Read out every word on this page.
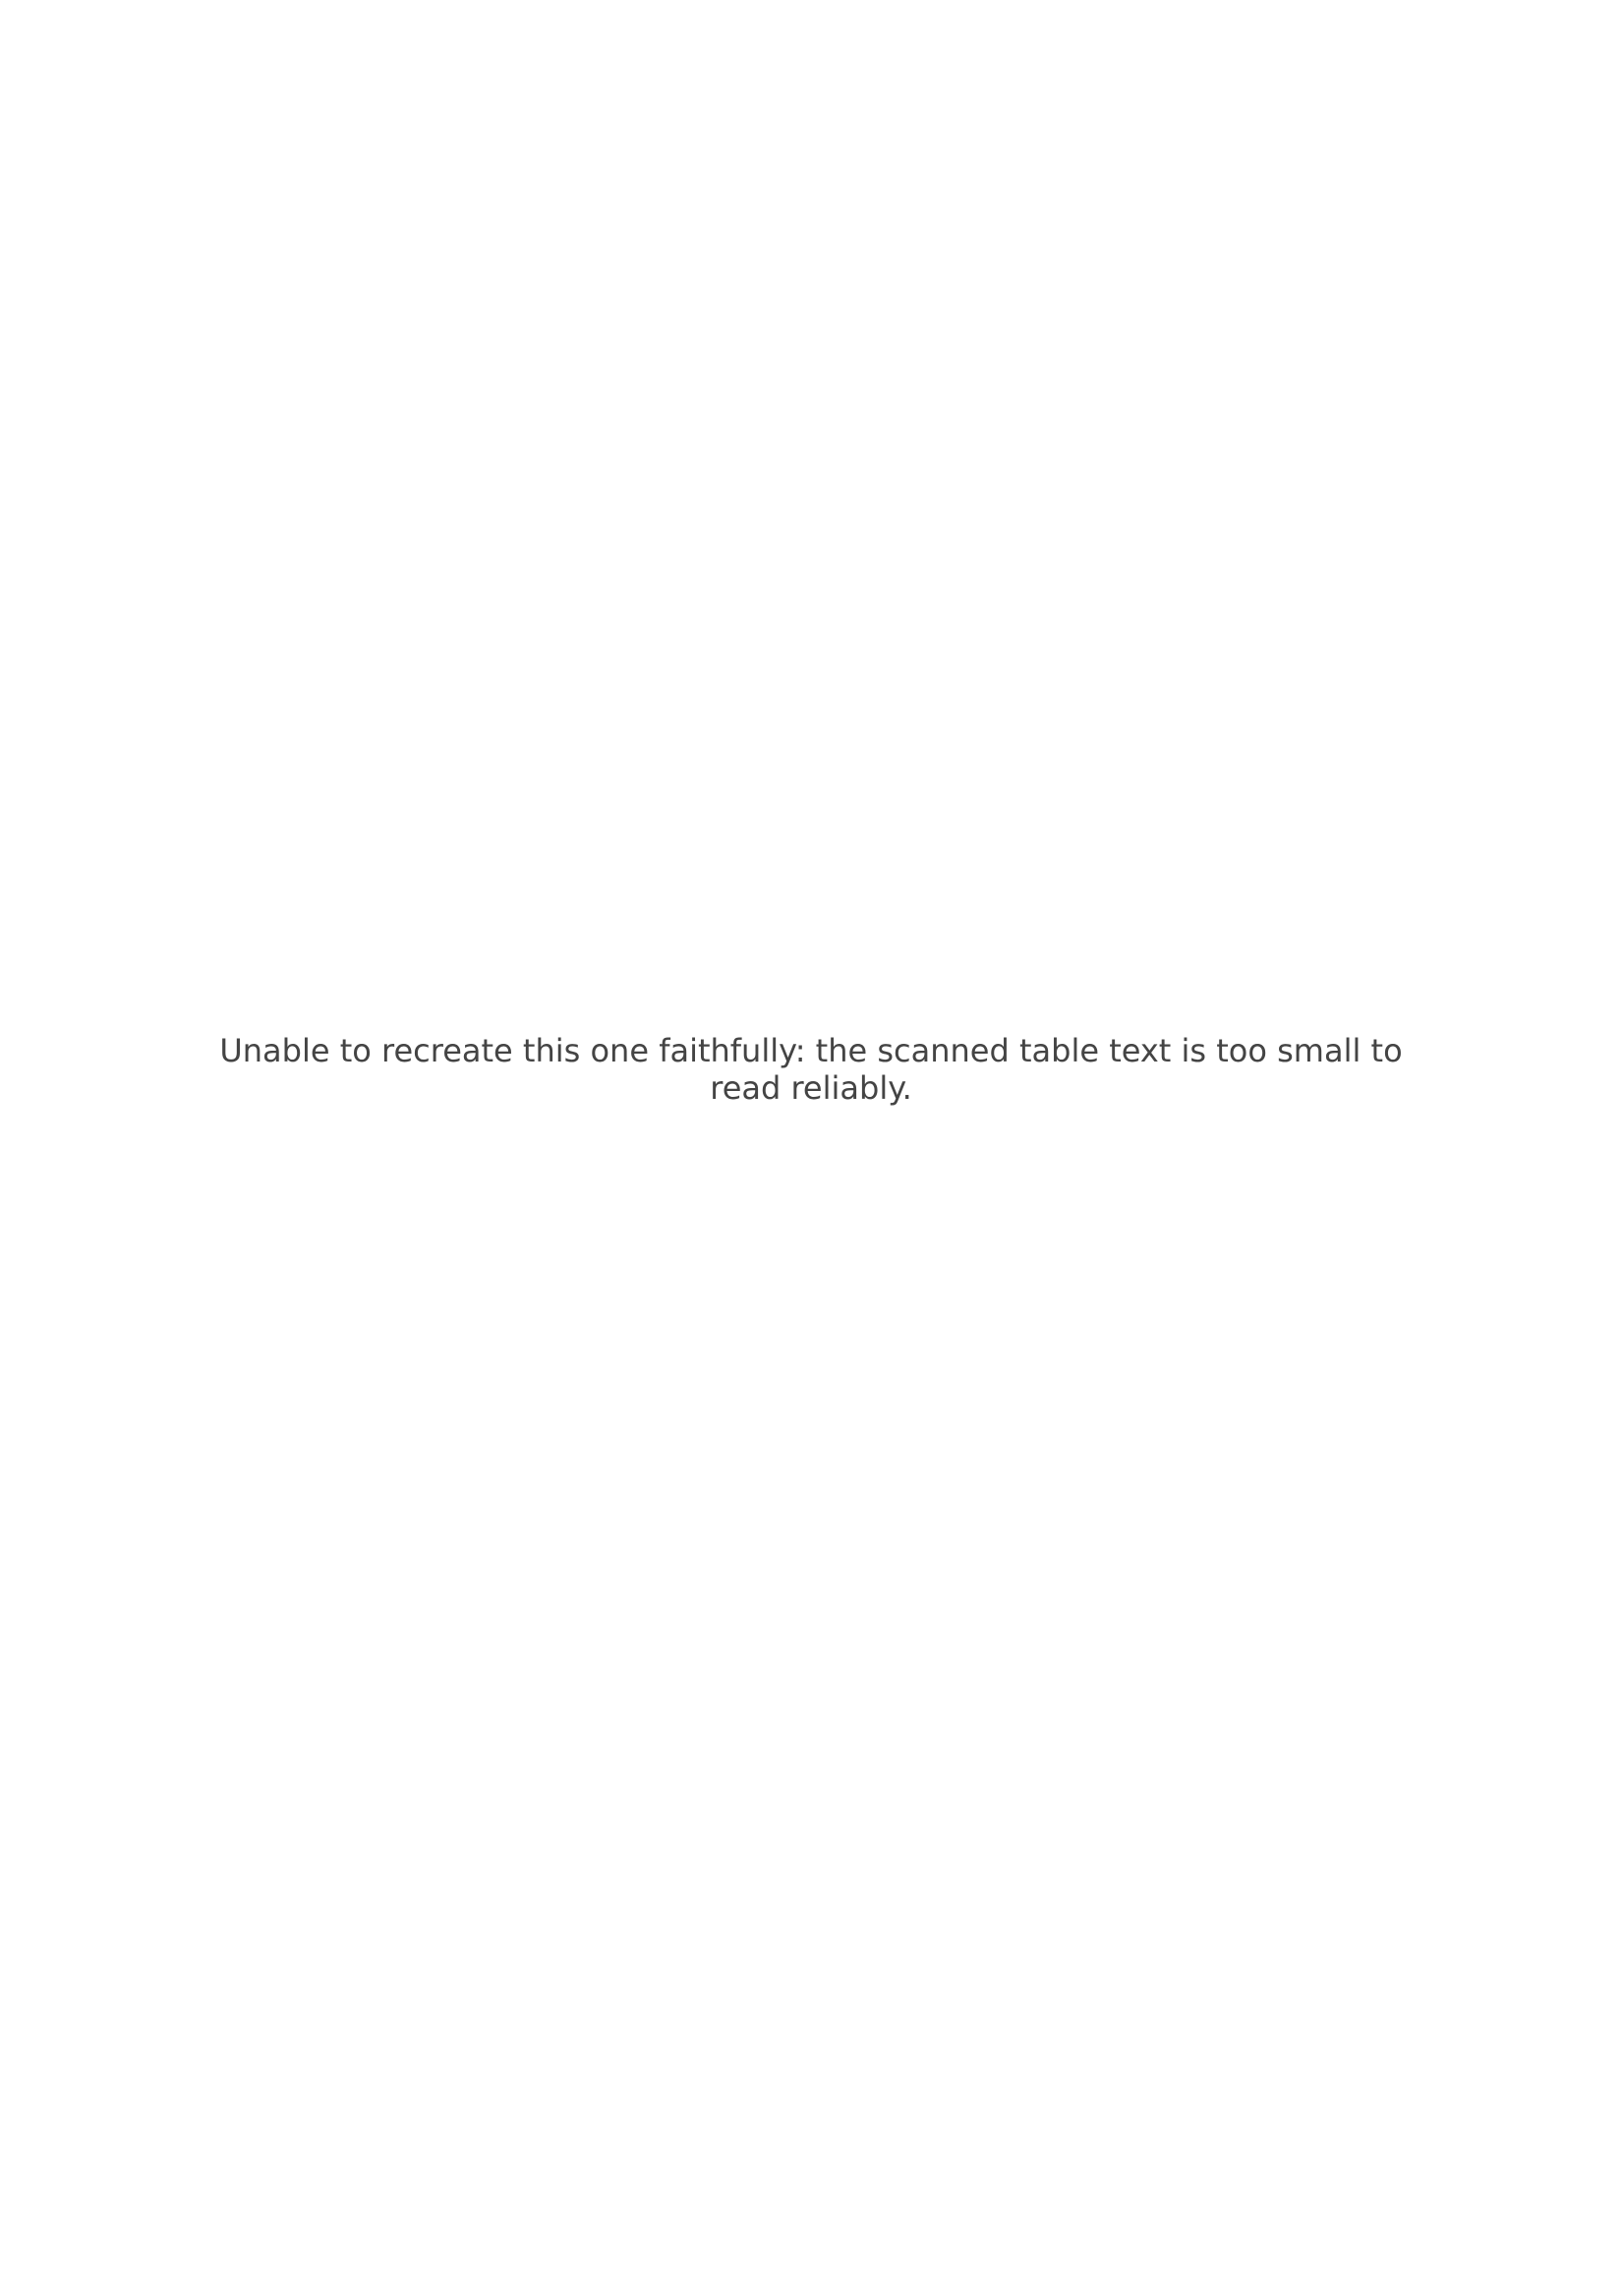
Unable to recreate this one faithfully: the scanned table text is too small to read reliably.
